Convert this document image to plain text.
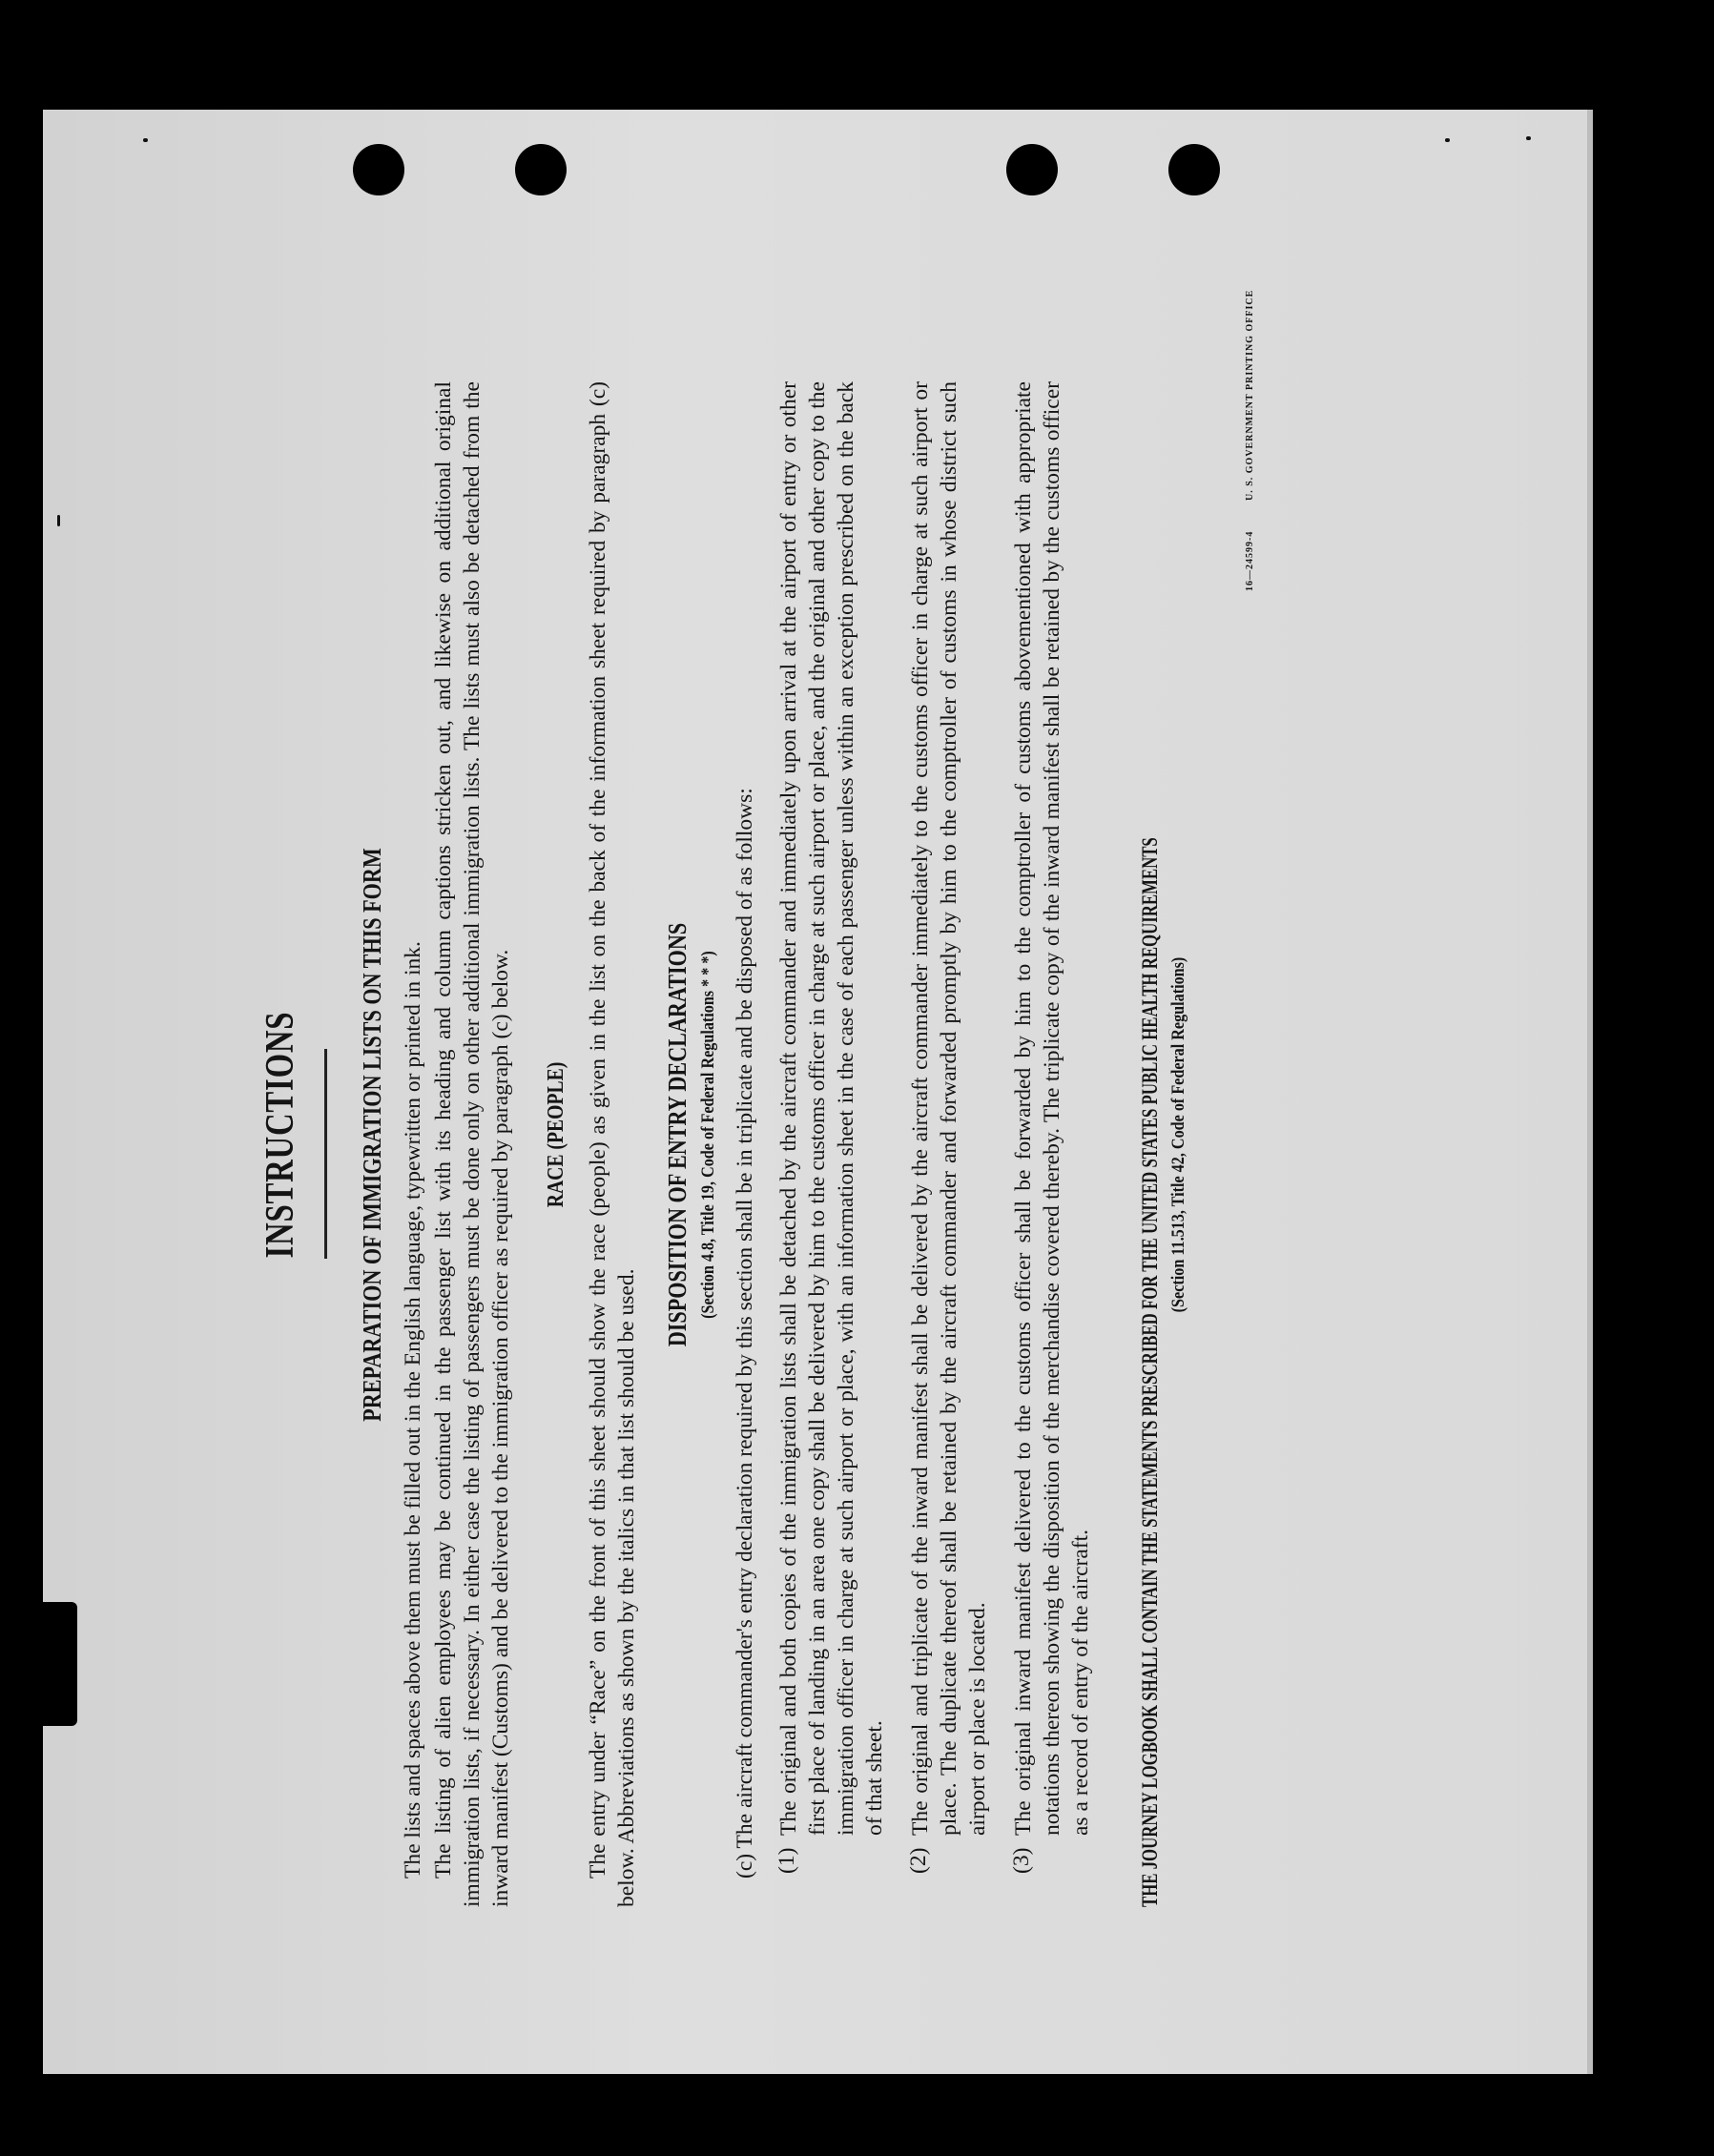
INSTRUCTIONS PREPARATION OF IMMIGRATION LISTS ON THIS FORM The lists and spaces above them must be filled out in the English language, typewritten or printed in ink. The listing of alien employees may be continued in the passenger list with its heading and column captions stricken out, and likewise on additional original immigration lists, if necessary. In either case the listing of passengers must be done only on other additional immigration lists. The lists must also be detached from the inward manifest (Customs) and be delivered to the immigration officer as required by paragraph (c) below. RACE (PEOPLE) The entry under “Race” on the front of this sheet should show the race (people) as given in the list on the back of the information sheet required by paragraph (c) below. Abbreviations as shown by the italics in that list should be used.
DISPOSITION OF ENTRY DECLARATIONS (Section 4.8, Title 19, Code of Federal Regulations * * *) (c) The aircraft commander's entry declaration required by this section shall be in triplicate and be disposed of as follows: (1)
The original and both copies of the immigration lists shall be detached by the aircraft commander and immediately upon arrival at the airport of entry or other first place of landing in an area one copy shall be delivered by him to the customs officer in charge at such airport or place, and the original and other copy to the immigration officer in charge at such airport or place, with an information sheet in the case of each passenger unless within an exception prescribed on the back of that sheet.
(2)
The original and triplicate of the inward manifest shall be delivered by the aircraft commander immediately to the customs officer in charge at such airport or place. The duplicate thereof shall be retained by the aircraft commander and forwarded promptly by him to the comptroller of customs in whose district such airport or place is located.
(3)
The original inward manifest delivered to the customs officer shall be forwarded by him to the comptroller of customs abovementioned with appropriate notations thereon showing the disposition of the merchandise covered thereby. The triplicate copy of the inward manifest shall be retained by the customs officer as a record of entry of the aircraft. THE JOURNEY LOGBOOK SHALL CONTAIN THE STATEMENTS PRESCRIBED FOR THE UNITED STATES PUBLIC HEALTH REQUIREMENTS (Section 11.513, Title 42, Code of Federal Regulations)
16—24599-4
U. S. GOVERNMENT PRINTING OFFICE
